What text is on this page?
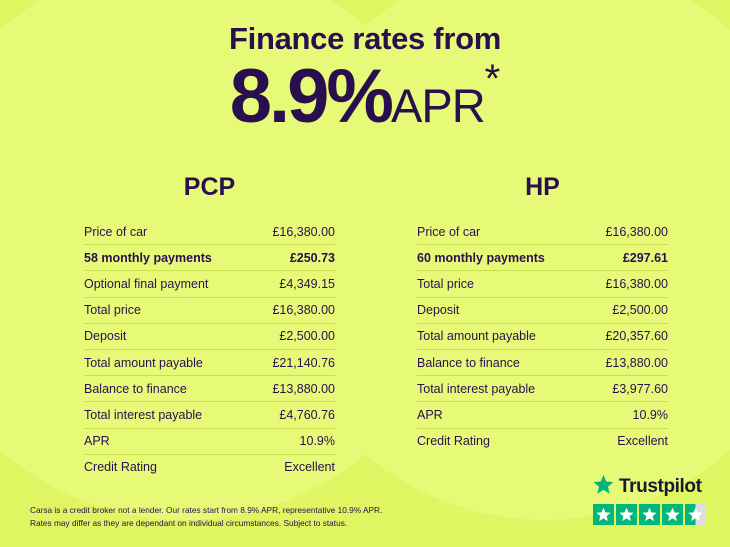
Finance rates from
8.9%APR*
PCP
Price of car	£16,380.00
58 monthly payments	£250.73
Optional final payment	£4,349.15
Total price	£16,380.00
Deposit	£2,500.00
Total amount payable	£21,140.76
Balance to finance	£13,880.00
Total interest payable	£4,760.76
APR	10.9%
Credit Rating	Excellent
HP
Price of car	£16,380.00
60 monthly payments	£297.61
Total price	£16,380.00
Deposit	£2,500.00
Total amount payable	£20,357.60
Balance to finance	£13,880.00
Total interest payable	£3,977.60
APR	10.9%
Credit Rating	Excellent
Carsa is a credit broker not a lender. Our rates start from 8.9% APR, representative 10.9% APR.
Rates may differ as they are dependant on individual circumstances. Subject to status.
Trustpilot
